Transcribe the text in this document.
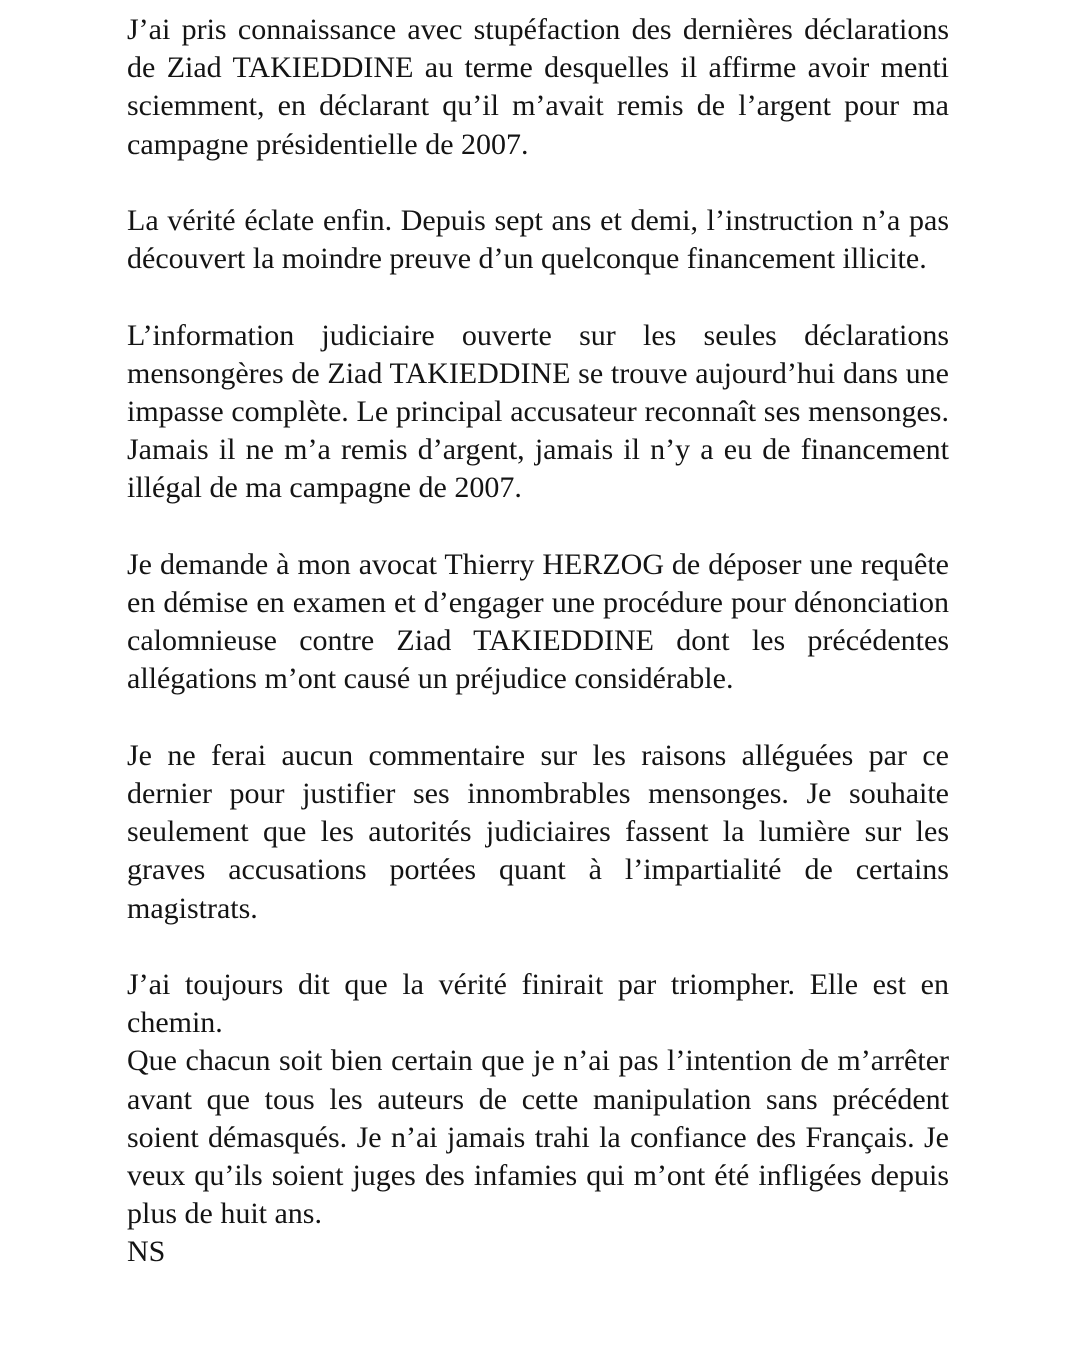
J’ai pris connaissance avec stupéfaction des dernières déclarations de Ziad TAKIEDDINE au terme desquelles il affirme avoir menti sciemment, en déclarant qu’il m’avait remis de l’argent pour ma campagne présidentielle de 2007.

La vérité éclate enfin. Depuis sept ans et demi, l’instruction n’a pas découvert la moindre preuve d’un quelconque financement illicite.

L’information judiciaire ouverte sur les seules déclarations mensongères de Ziad TAKIEDDINE se trouve aujourd’hui dans une impasse complète. Le principal accusateur reconnaît ses mensonges. Jamais il ne m’a remis d’argent, jamais il n’y a eu de financement illégal de ma campagne de 2007.

Je demande à mon avocat Thierry HERZOG de déposer une requête en démise en examen et d’engager une procédure pour dénonciation calomnieuse contre Ziad TAKIEDDINE dont les précédentes allégations m’ont causé un préjudice considérable.

Je ne ferai aucun commentaire sur les raisons alléguées par ce dernier pour justifier ses innombrables mensonges. Je souhaite seulement que les autorités judiciaires fassent la lumière sur les graves accusations portées quant à l’impartialité de certains magistrats.

J’ai toujours dit que la vérité finirait par triompher. Elle est en chemin.

Que chacun soit bien certain que je n’ai pas l’intention de m’arrêter avant que tous les auteurs de cette manipulation sans précédent soient démasqués. Je n’ai jamais trahi la confiance des Français. Je veux qu’ils soient juges des infamies qui m’ont été infligées depuis plus de huit ans.

NS
